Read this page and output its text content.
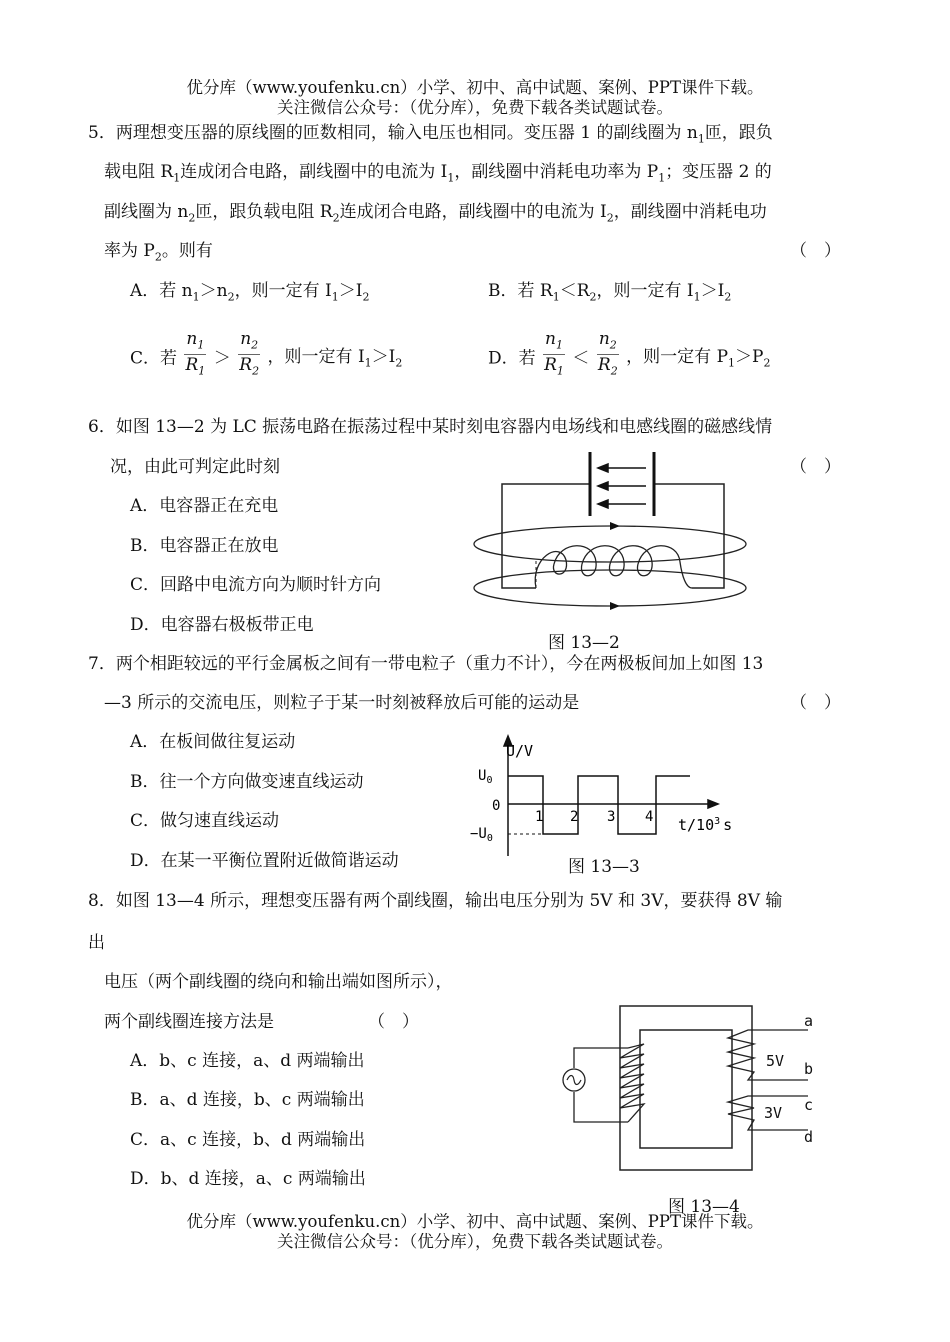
优分库（www.youfenku.cn）小学、初中、高中试题、案例、PPT课件下载。
关注微信公众号：（优分库），免费下载各类试题试卷。
5．两理想变压器的原线圈的匝数相同，输入电压也相同。变压器 1 的副线圈为 $n_1$匝，跟负
载电阻 $R_1$连成闭合电路，副线圈中的电流为 $I_1$，副线圈中消耗电功率为 $P_1$；变压器 2 的
副线圈为 $n_2$匝，跟负载电阻 $R_2$连成闭合电路，副线圈中的电流为 $I_2$，副线圈中消耗电功
率为 $P_2$。则有	（　）
A．若 $n_1>n_2$，则一定有 $I_1>I_2$	B．若 $R_1<R_2$，则一定有 $I_1>I_2$
C．若 $\frac{n_1}{R_1} > \frac{n_2}{R_2}$ ，则一定有 $I_1>I_2$	D．若 $\frac{n_1}{R_1} < \frac{n_2}{R_2}$ ，则一定有 $P_1>P_2$
6．如图 13—2 为 LC 振荡电路在振荡过程中某时刻电容器内电场线和电感线圈的磁感线情
况，由此可判定此时刻	（　）
A．电容器正在充电
B．电容器正在放电
C．回路中电流方向为顺时针方向
D．电容器右极板带正电
图 13—2
7．两个相距较远的平行金属板之间有一带电粒子（重力不计），今在两极板间加上如图 13
—3 所示的交流电压，则粒子于某一时刻被释放后可能的运动是	（　）
A．在板间做往复运动
B．往一个方向做变速直线运动
C．做匀速直线运动
D．在某一平衡位置附近做简谐运动
U/V
$U_0$
0
$-U_0$
1 2 3 4 $t/10^3$ s
图 13—3
8．如图 13—4 所示，理想变压器有两个副线圈，输出电压分别为 5V 和 3V，要获得 8V 输
出
电压（两个副线圈的绕向和输出端如图所示），
两个副线圈连接方法是	（　）
A．b、c 连接，a、d 两端输出
B．a、d 连接，b、c 两端输出
C．a、c 连接，b、d 两端输出
D．b、d 连接，a、c 两端输出
5V
3V
a
b
c
d
图 13—4
优分库（www.youfenku.cn）小学、初中、高中试题、案例、PPT课件下载。
关注微信公众号：（优分库），免费下载各类试题试卷。
